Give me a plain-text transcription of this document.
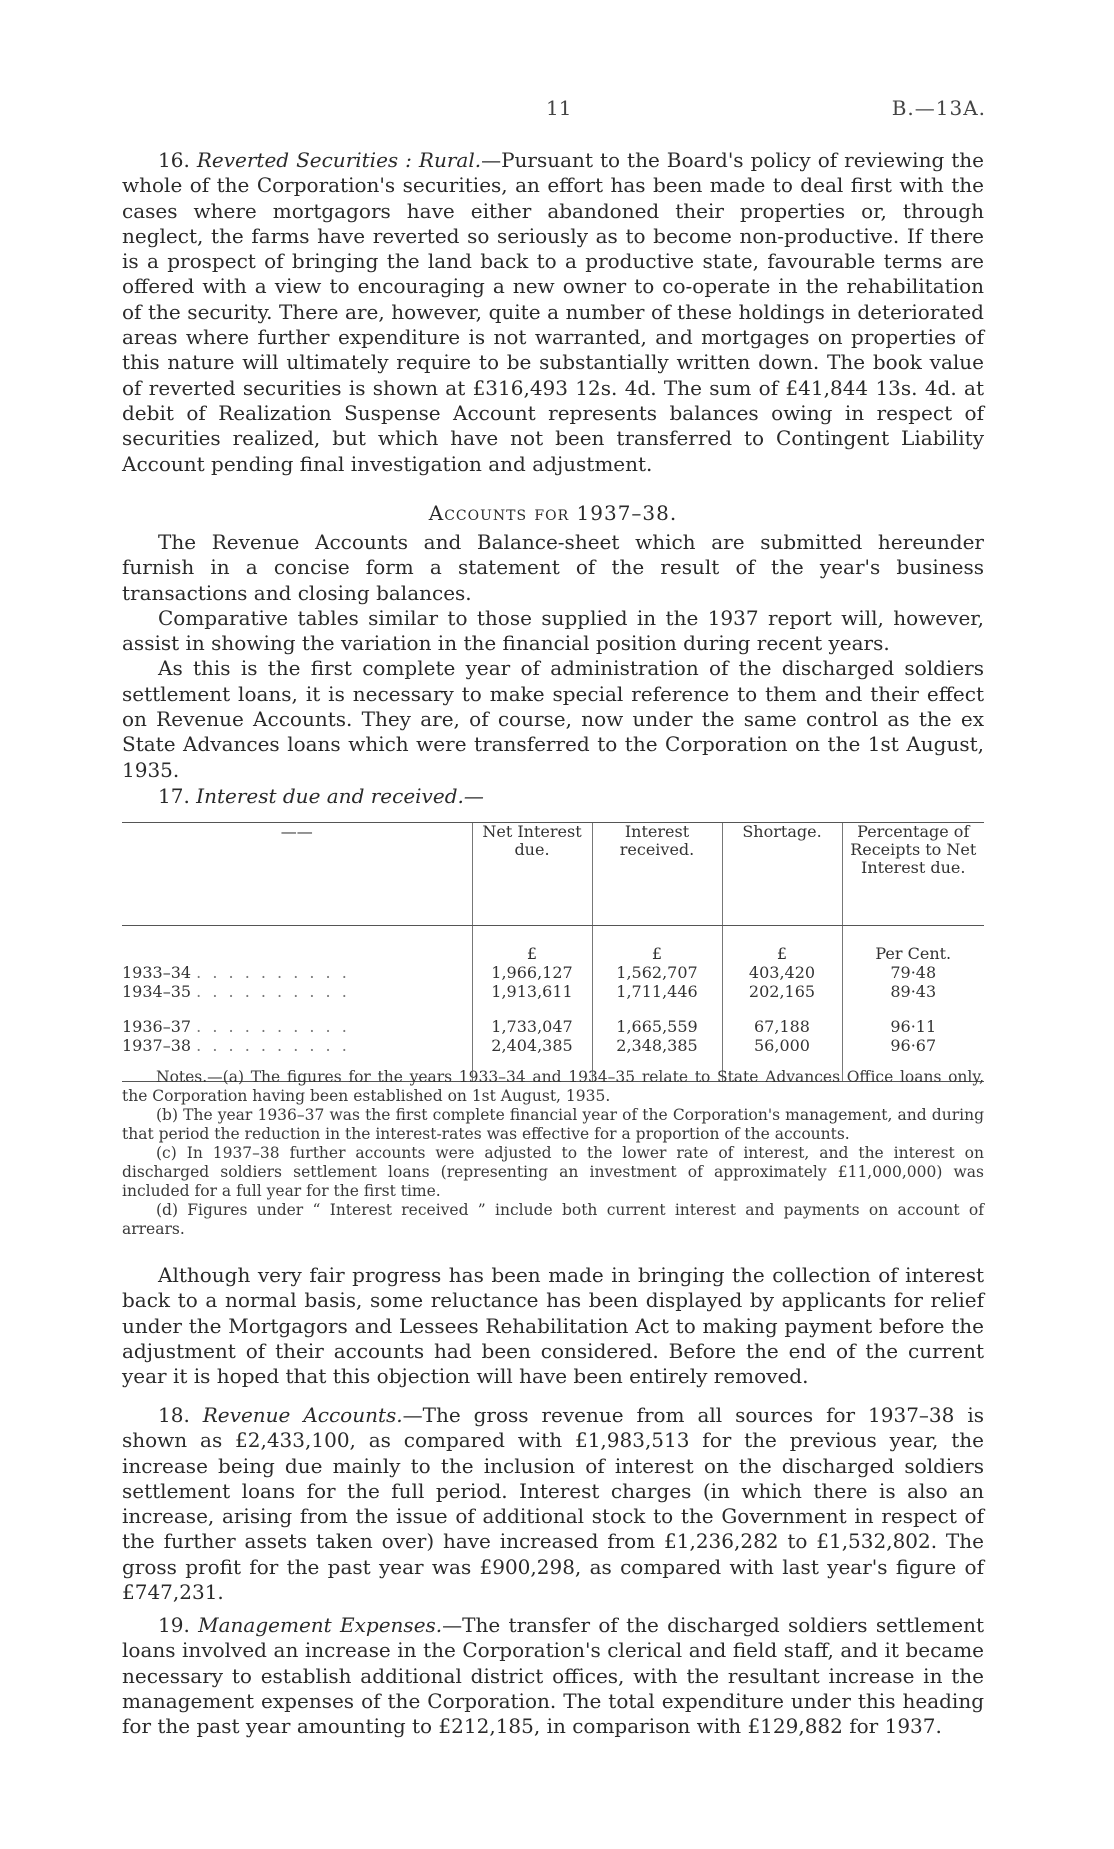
11	B.—13A.

16. Reverted Securities : Rural.—Pursuant to the Board's policy of reviewing the whole of the Corporation's securities, an effort has been made to deal first with the cases where mortgagors have either abandoned their properties or, through neglect, the farms have reverted so seriously as to become non-productive. If there is a prospect of bringing the land back to a productive state, favourable terms are offered with a view to encouraging a new owner to co-operate in the rehabilitation of the security. There are, however, quite a number of these holdings in deteriorated areas where further expenditure is not warranted, and mortgages on properties of this nature will ultimately require to be substantially written down. The book value of reverted securities is shown at £316,493 12s. 4d. The sum of £41,844 13s. 4d. at debit of Realization Suspense Account represents balances owing in respect of securities realized, but which have not been transferred to Contingent Liability Account pending final investigation and adjustment.

Accounts for 1937–38.

The Revenue Accounts and Balance-sheet which are submitted hereunder furnish in a concise form a statement of the result of the year's business transactions and closing balances.

Comparative tables similar to those supplied in the 1937 report will, however, assist in showing the variation in the financial position during recent years.

As this is the first complete year of administration of the discharged soldiers settlement loans, it is necessary to make special reference to them and their effect on Revenue Accounts. They are, of course, now under the same control as the ex State Advances loans which were transferred to the Corporation on the 1st August, 1935.

17. Interest due and received.—

——	Net Interest due.	Interest received.	Shortage.	Percentage of Receipts to Net Interest due.

	£	£	£	Per Cent.
1933–34 . . . . . . . . . .	1,966,127	1,562,707	403,420	79·48
1934–35 . . . . . . . . . .	1,913,611	1,711,446	202,165	89·43

1936–37 . . . . . . . . . .	1,733,047	1,665,559	67,188	96·11
1937–38 . . . . . . . . . .	2,404,385	2,348,385	56,000	96·67

Notes.—(a) The figures for the years 1933–34 and 1934–35 relate to State Advances Office loans only, the Corporation having been established on 1st August, 1935.

(b) The year 1936–37 was the first complete financial year of the Corporation's management, and during that period the reduction in the interest-rates was effective for a proportion of the accounts.

(c) In 1937–38 further accounts were adjusted to the lower rate of interest, and the interest on discharged soldiers settlement loans (representing an investment of approximately £11,000,000) was included for a full year for the first time.

(d) Figures under “ Interest received ” include both current interest and payments on account of arrears.

Although very fair progress has been made in bringing the collection of interest back to a normal basis, some reluctance has been displayed by applicants for relief under the Mortgagors and Lessees Rehabilitation Act to making payment before the adjustment of their accounts had been considered. Before the end of the current year it is hoped that this objection will have been entirely removed.

18. Revenue Accounts.—The gross revenue from all sources for 1937–38 is shown as £2,433,100, as compared with £1,983,513 for the previous year, the increase being due mainly to the inclusion of interest on the discharged soldiers settlement loans for the full period. Interest charges (in which there is also an increase, arising from the issue of additional stock to the Government in respect of the further assets taken over) have increased from £1,236,282 to £1,532,802. The gross profit for the past year was £900,298, as compared with last year's figure of £747,231.

19. Management Expenses.—The transfer of the discharged soldiers settlement loans involved an increase in the Corporation's clerical and field staff, and it became necessary to establish additional district offices, with the resultant increase in the management expenses of the Corporation. The total expenditure under this heading for the past year amounting to £212,185, in comparison with £129,882 for 1937.
